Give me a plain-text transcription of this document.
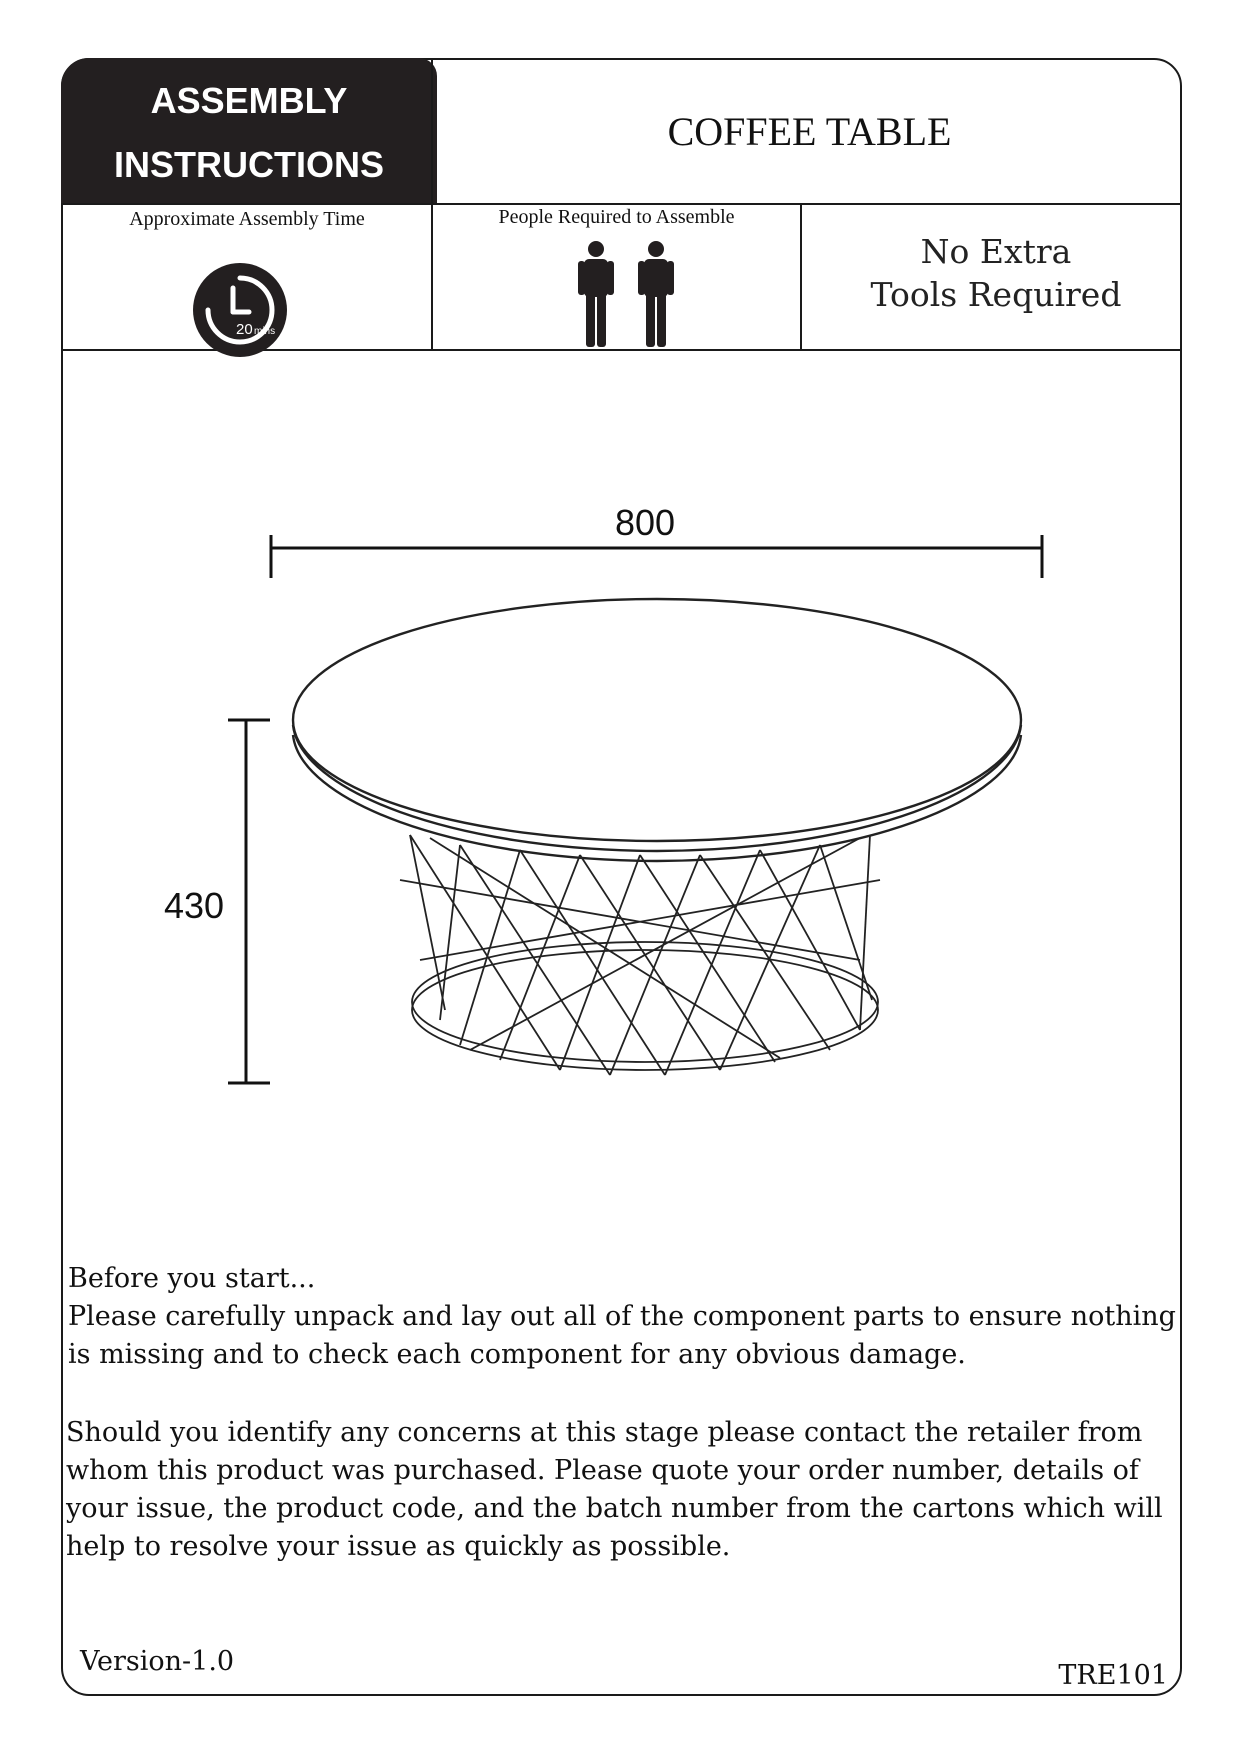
ASSEMBLY
INSTRUCTIONS
COFFEE TABLE
Approximate Assembly Time
20 mins
People Required to Assemble
No Extra
Tools Required
800
430

Before you start...

Please carefully unpack and lay out all of the component parts to ensure nothing is missing and to check each component for any obvious damage.

Should you identify any concerns at this stage please contact the retailer from whom this product was purchased. Please quote your order number, details of your issue, the product code, and the batch number from the cartons which will help to resolve your issue as quickly as possible.

Version-1.0	TRE101
